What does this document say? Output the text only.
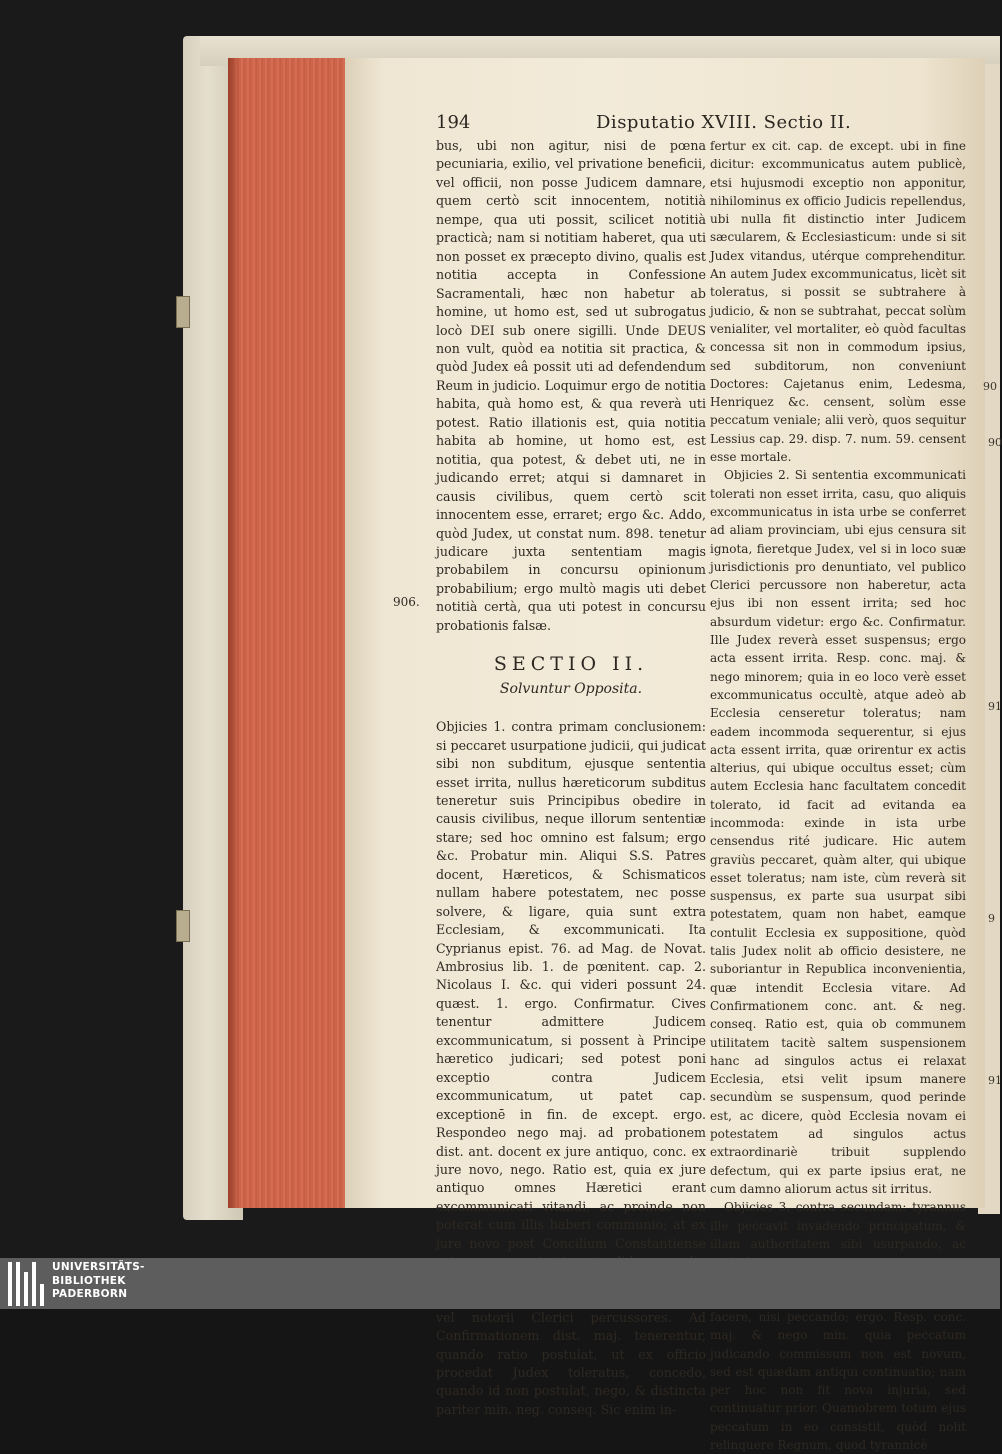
194	Disputatio XVIII. Sectio II.
906.

bus, ubi non agitur, nisi de pœna pecuniaria, exilio, vel privatione beneficii, vel officii, non posse Judicem damnare, quem certò scit innocentem, notitià nempe, qua uti possit, scilicet notitià practicà; nam si notitiam haberet, qua uti non posset ex præcepto divino, qualis est notitia accepta in Confessione Sacramentali, hæc non habetur ab homine, ut homo est, sed ut subrogatus locò DEI sub onere sigilli. Unde DEUS non vult, quòd ea notitia sit practica, & quòd Judex eâ possit uti ad defendendum Reum in judicio. Loquimur ergo de notitia habita, quà homo est, & qua reverà uti potest. Ratio illationis est, quia notitia habita ab homine, ut homo est, est notitia, qua potest, & debet uti, ne in judicando erret; atqui si damnaret in causis civilibus, quem certò scit innocentem esse, erraret; ergo &c. Addo, quòd Judex, ut constat num. 898. tenetur judicare juxta sententiam magis probabilem in concursu opinionum probabilium; ergo multò magis uti debet notitià certà, qua uti potest in concursu probationis falsæ.

SECTIO II.
Solvuntur Opposita.

Objicies 1. contra primam conclusionem: si peccaret usurpatione judicii, qui judicat sibi non subditum, ejusque sententia esset irrita, nullus hæreticorum subditus teneretur suis Principibus obedire in causis civilibus, neque illorum sententiæ stare; sed hoc omnino est falsum; ergo &c. Probatur min. Aliqui S.S. Patres docent, Hæreticos, & Schismaticos nullam habere potestatem, nec posse solvere, & ligare, quia sunt extra Ecclesiam, & excommunicati. Ita Cyprianus epist. 76. ad Mag. de Novat. Ambrosius lib. 1. de pœnitent. cap. 2. Nicolaus I. &c. qui videri possunt 24. quæst. 1. ergo. Confirmatur. Cives tenentur admittere Judicem excommunicatum, si possent à Principe hæretico judicari; sed potest poni exceptio contra Judicem excommunicatum, ut patet cap. exceptionē in fin. de except. ergo. Respondeo nego maj. ad probationem dist. ant. docent ex jure antiquo, conc. ex jure novo, nego. Ratio est, quia ex jure antiquo omnes Hæretici erant excommunicati vitandi, ac proinde non poterat cum illis haberi communio; at ex jure novo post Concilium Constantiense vel notorii Clerici percussores. Ad Confirmationem dist. maj. tenerentur, quando ratio postulat, ut ex officio procedat Judex toleratus, concedo, quando id non postulat, nego, & distincta pariter min. neg. conseq. Sic enim in-

fertur ex cit. cap. de except. ubi in fine dicitur: excommunicatus autem publicè, etsi hujusmodi exceptio non apponitur, nihilominus ex officio Judicis repellendus, ubi nulla fit distinctio inter Judicem sæcularem, & Ecclesiasticum: unde si sit Judex vitandus, utérque comprehenditur. An autem Judex excommunicatus, licèt sit toleratus, si possit se subtrahere à judicio, & non se subtrahat, peccat solùm venialiter, vel mortaliter, eò quòd facultas concessa sit non in commodum ipsius, sed subditorum, non conveniunt Doctores: Cajetanus enim, Ledesma, Henriquez &c. censent, solùm esse peccatum veniale; alii verò, quos sequitur Lessius cap. 29. disp. 7. num. 59. censent esse mortale.

Objicies 2. Si sententia excommunicati tolerati non esset irrita, casu, quo aliquis excommunicatus in ista urbe se conferret ad aliam provinciam, ubi ejus censura sit ignota, fieretque Judex, vel si in loco suæ jurisdictionis pro denuntiato, vel publico Clerici percussore non haberetur, acta ejus ibi non essent irrita; sed hoc absurdum videtur: ergo &c. Confirmatur. Ille Judex reverà esset suspensus; ergo acta essent irrita. Resp. conc. maj. & nego minorem; quia in eo loco verè esset excommunicatus occultè, atque adeò ab Ecclesia censeretur toleratus; nam eadem incommoda sequerentur, si ejus acta essent irrita, quæ orirentur ex actis alterius, qui ubique occultus esset; cùm autem Ecclesia hanc facultatem concedit tolerato, id facit ad evitanda ea incommoda: exinde in ista urbe censendus rité judicare. Hic autem graviùs peccaret, quàm alter, qui ubique esset toleratus; nam iste, cùm reverà sit suspensus, ex parte sua usurpat sibi potestatem, quam non habet, eamque contulit Ecclesia ex suppositione, quòd talis Judex nolit ab officio desistere, ne suboriantur in Republica inconvenientia, quæ intendit Ecclesia vitare. Ad Confirmationem conc. ant. & neg. conseq. Ratio est, quia ob communem utilitatem tacitè saltem suspensionem hanc ad singulos actus ei relaxat Ecclesia, etsi velit ipsum manere secundùm se suspensum, quod perinde est, ac dicere, quòd Ecclesia novam ei potestatem ad singulos actus extraordinariè tribuit supplendo defectum, qui ex parte ipsius erat, ne cum damno aliorum actus sit irritus.

Objicies 3. contra secundam: tyrannus ille peccavit invadendo principatum, & illam authoritatem sibi usurpando, ac facere, nisi peccando; ergo. Resp. conc. maj. & nego min. quia peccatum judicando commissum non est novum, sed est quædam antiqui continuatio; nam per hoc non fit nova injuria, sed continuatur prior. Quamobrem totum ejus peccatum in eo consistit, quòd nolit relinquere Regnum, quod tyrannicè

90
90
91
9
91
UNIVERSITÄTS-
BIBLIOTHEK
PADERBORN
